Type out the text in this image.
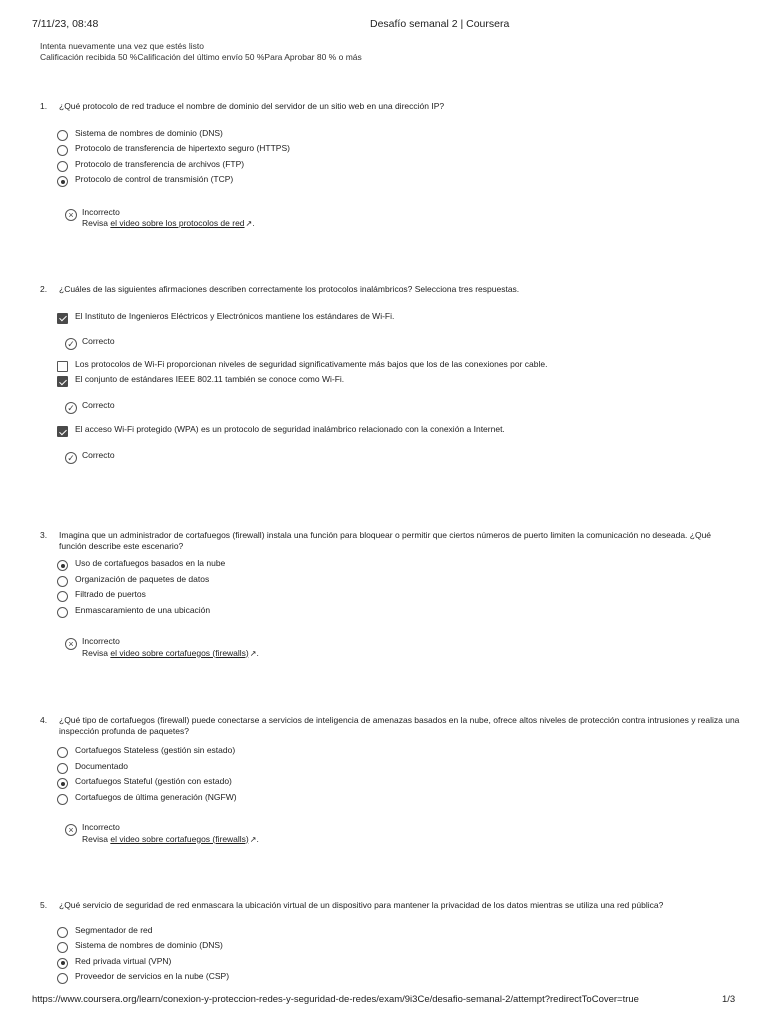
7/11/23, 08:48	Desafío semanal 2 | Coursera
Intenta nuevamente una vez que estés listo
Calificación recibida 50 %Calificación del último envío 50 %Para Aprobar 80 % o más
1. ¿Qué protocolo de red traduce el nombre de dominio del servidor de un sitio web en una dirección IP?
Sistema de nombres de dominio (DNS)
Protocolo de transferencia de hipertexto seguro (HTTPS)
Protocolo de transferencia de archivos (FTP)
Protocolo de control de transmisión (TCP)
× Incorrecto
Revisa el video sobre los protocolos de red↗.
2. ¿Cuáles de las siguientes afirmaciones describen correctamente los protocolos inalámbricos? Selecciona tres respuestas.
El Instituto de Ingenieros Eléctricos y Electrónicos mantiene los estándares de Wi-Fi.
✓ Correcto
Los protocolos de Wi-Fi proporcionan niveles de seguridad significativamente más bajos que los de las conexiones por cable.
El conjunto de estándares IEEE 802.11 también se conoce como Wi-Fi.
✓ Correcto
El acceso Wi-Fi protegido (WPA) es un protocolo de seguridad inalámbrico relacionado con la conexión a Internet.
✓ Correcto
3. Imagina que un administrador de cortafuegos (firewall) instala una función para bloquear o permitir que ciertos números de puerto limiten la comunicación no deseada. ¿Qué función describe este escenario?
Uso de cortafuegos basados en la nube
Organización de paquetes de datos
Filtrado de puertos
Enmascaramiento de una ubicación
× Incorrecto
Revisa el video sobre cortafuegos (firewalls)↗.
4. ¿Qué tipo de cortafuegos (firewall) puede conectarse a servicios de inteligencia de amenazas basados en la nube, ofrece altos niveles de protección contra intrusiones y realiza una inspección profunda de paquetes?
Cortafuegos Stateless (gestión sin estado)
Documentado
Cortafuegos Stateful (gestión con estado)
Cortafuegos de última generación (NGFW)
× Incorrecto
Revisa el video sobre cortafuegos (firewalls)↗.
5. ¿Qué servicio de seguridad de red enmascara la ubicación virtual de un dispositivo para mantener la privacidad de los datos mientras se utiliza una red pública?
Segmentador de red
Sistema de nombres de dominio (DNS)
Red privada virtual (VPN)
Proveedor de servicios en la nube (CSP)
https://www.coursera.org/learn/conexion-y-proteccion-redes-y-seguridad-de-redes/exam/9i3Ce/desafio-semanal-2/attempt?redirectToCover=true	1/3
